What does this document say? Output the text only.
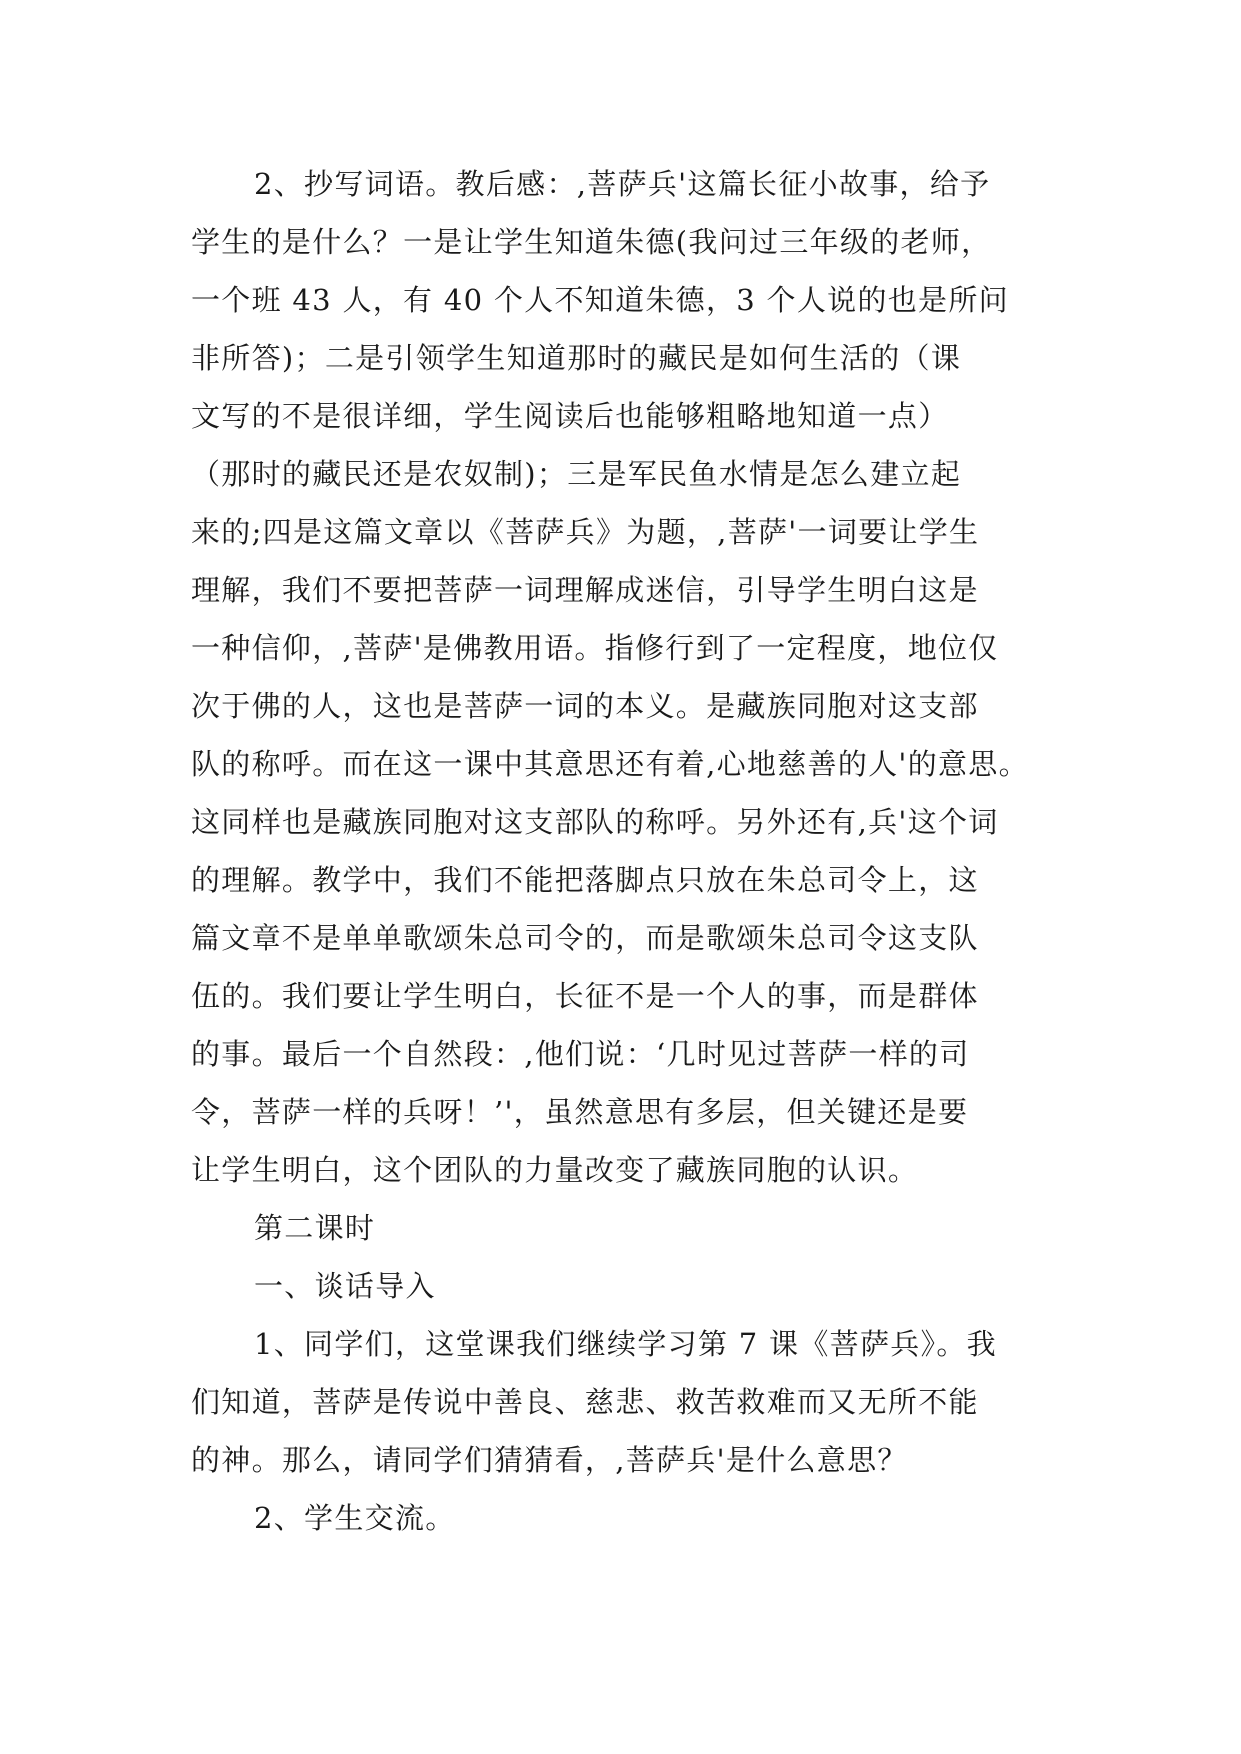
2、抄写词语。教后感：,菩萨兵'这篇长征小故事，给予
学生的是什么？一是让学生知道朱德(我问过三年级的老师，
一个班 43 人，有 40 个人不知道朱德，3 个人说的也是所问
非所答)；二是引领学生知道那时的藏民是如何生活的（课
文写的不是很详细，学生阅读后也能够粗略地知道一点）
（那时的藏民还是农奴制)；三是军民鱼水情是怎么建立起
来的;四是这篇文章以《菩萨兵》为题，,菩萨'一词要让学生
理解，我们不要把菩萨一词理解成迷信，引导学生明白这是
一种信仰，,菩萨'是佛教用语。指修行到了一定程度，地位仅
次于佛的人，这也是菩萨一词的本义。是藏族同胞对这支部
队的称呼。而在这一课中其意思还有着,心地慈善的人'的意思。
这同样也是藏族同胞对这支部队的称呼。另外还有,兵'这个词
的理解。教学中，我们不能把落脚点只放在朱总司令上，这
篇文章不是单单歌颂朱总司令的，而是歌颂朱总司令这支队
伍的。我们要让学生明白，长征不是一个人的事，而是群体
的事。最后一个自然段：,他们说：‘几时见过菩萨一样的司
令，菩萨一样的兵呀！’'，虽然意思有多层，但关键还是要
让学生明白，这个团队的力量改变了藏族同胞的认识。
第二课时
一、谈话导入
1、同学们，这堂课我们继续学习第 7 课《菩萨兵》。我
们知道，菩萨是传说中善良、慈悲、救苦救难而又无所不能
的神。那么，请同学们猜猜看，,菩萨兵'是什么意思？
2、学生交流。
